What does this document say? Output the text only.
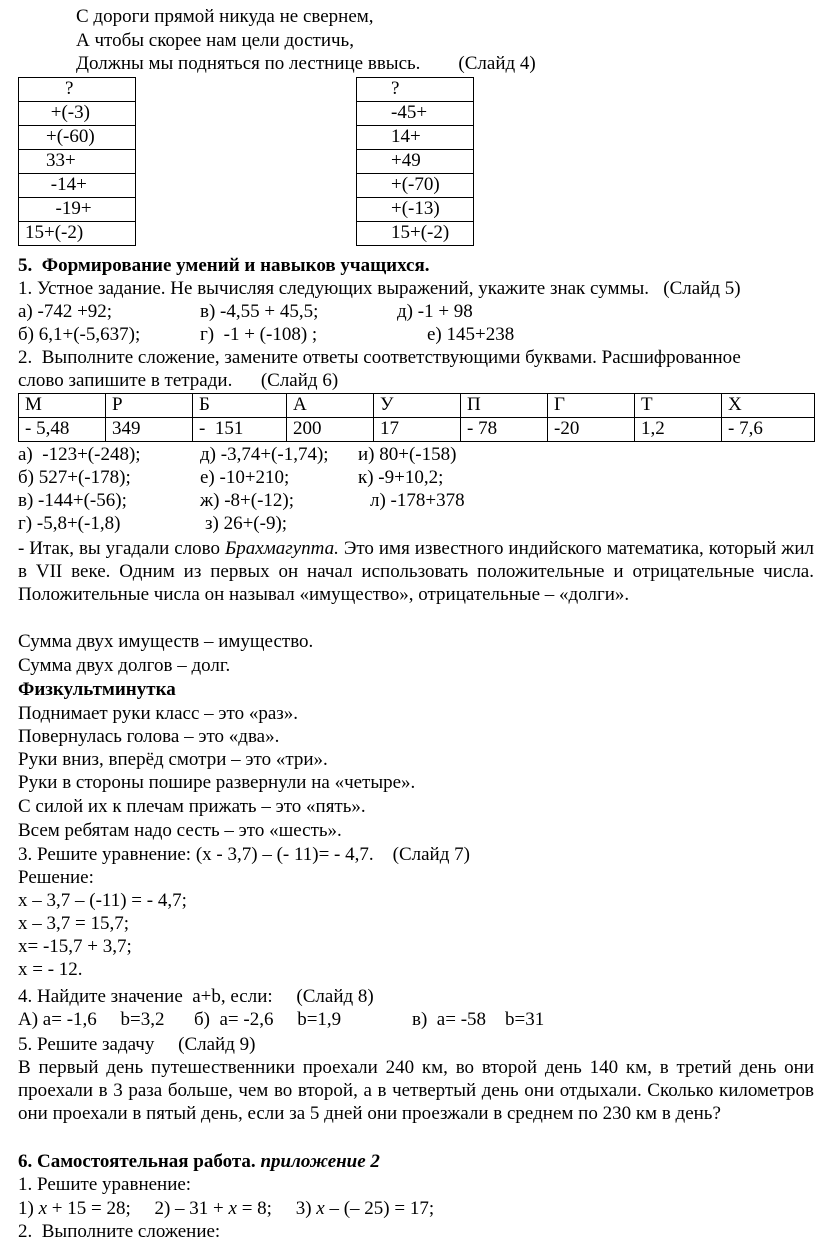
С дороги прямой никуда не свернем,
А чтобы скорее нам цели достичь,
Должны мы подняться по лестнице ввысь.        (Слайд 4)
?
+(-3)
+(-60)
33+
-14+
-19+
15+(-2)
?
-45+
14+
+49
+(-70)
+(-13)
15+(-2)
5.  Формирование умений и навыков учащихся.
1. Устное задание. Не вычисляя следующих выражений, укажите знак суммы.   (Слайд 5)
а) -742 +92;	в) -4,55 + 45,5;	д) -1 + 98
б) 6,1+(-5,637);	г)  -1 + (-108) ;	е) 145+238
2.  Выполните сложение, замените ответы соответствующими буквами. Расшифрованное
слово запишите в тетради.      (Слайд 6)
М	Р	Б	А	У	П	Г	Т	Х
- 5,48	349	-  151	200	17	- 78	-20	1,2	- 7,6
а)  -123+(-248);	д) -3,74+(-1,74); и) 80+(-158)
б) 527+(-178);	е) -10+210;	к) -9+10,2;
в) -144+(-56);	ж) -8+(-12);	л) -178+378
г) -5,8+(-1,8)	з) 26+(-9);
- Итак, вы угадали слово Брахмагупта. Это имя известного индийского математика, который жил в VII веке. Одним из первых он начал использовать положительные и отрицательные числа. Положительные числа он называл «имущество», отрицательные – «долги».
Сумма двух имуществ – имущество.
Сумма двух долгов – долг.
Физкультминутка
Поднимает руки класс – это «раз».
Повернулась голова – это «два».
Руки вниз, вперёд смотри – это «три».
Руки в стороны пошире развернули на «четыре».
С силой их к плечам прижать – это «пять».
Всем ребятам надо сесть – это «шесть».
3. Решите уравнение: (х - 3,7) – (- 11)= - 4,7.    (Слайд 7)
Решение:
х – 3,7 – (-11) = - 4,7;
х – 3,7 = 15,7;
х= -15,7 + 3,7;
х = - 12.
4. Найдите значение  a+b, если:     (Слайд 8)
А) a= -1,6     b=3,2 б)  a= -2,6     b=1,9	в)  a= -58    b=31
5. Решите задачу     (Слайд 9)
В первый день путешественники проехали 240 км, во второй день 140 км, в третий день они проехали в 3 раза больше, чем во второй, а в четвертый день они отдыхали. Сколько километров они проехали в пятый день, если за 5 дней они проезжали в среднем по 230 км в день?
6. Самостоятельная работа. приложение 2
1. Решите уравнение:
1) x + 15 = 28;     2) – 31 + x = 8;     3) x – (– 25) = 17;
2.  Выполните сложение:
